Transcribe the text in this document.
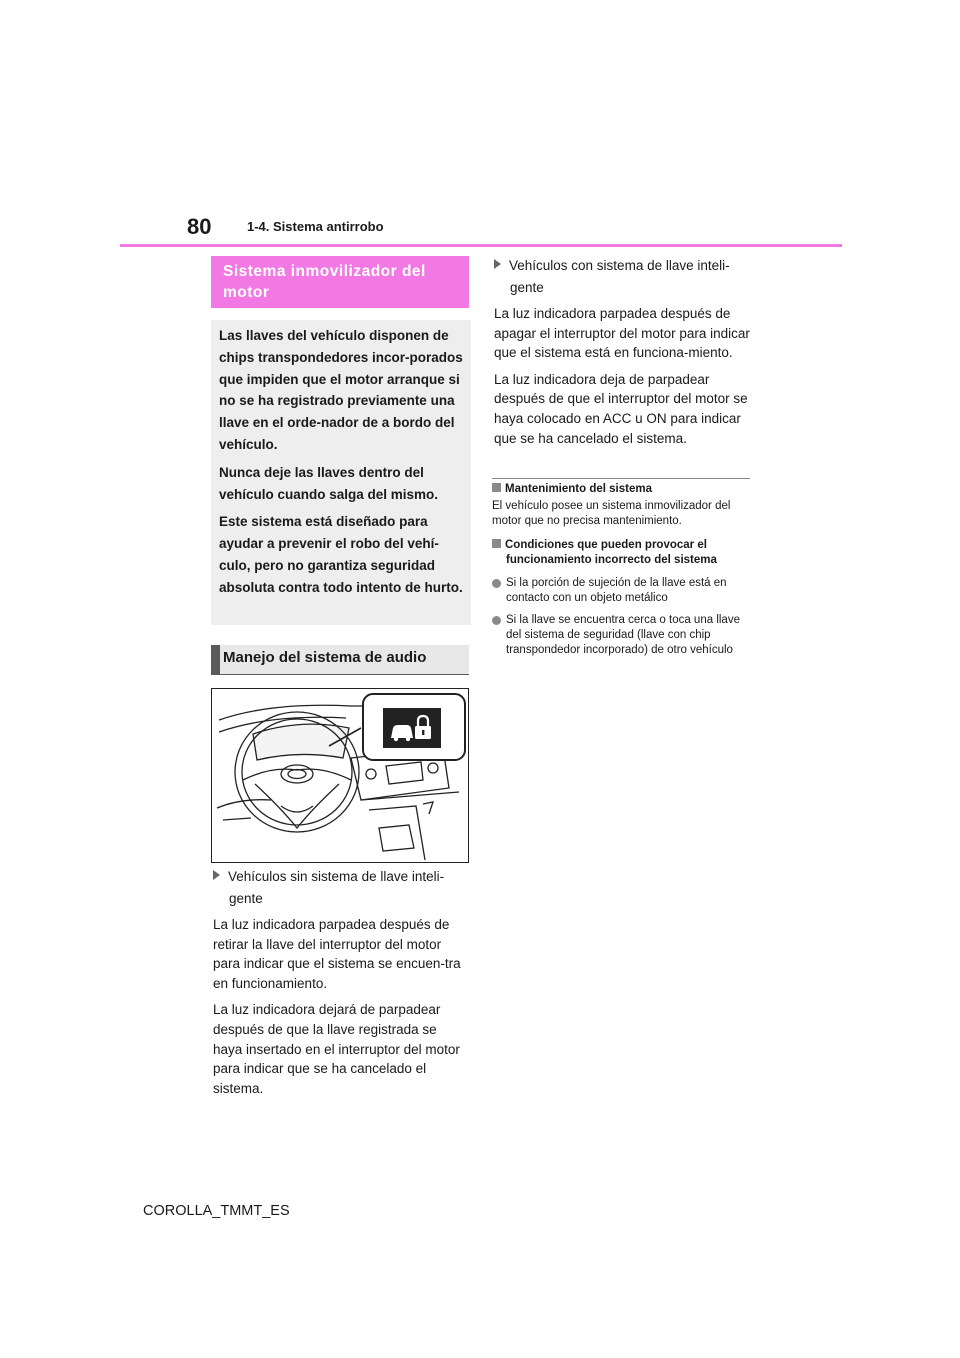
80	1-4. Sistema antirrobo
Sistema inmovilizador del motor

Las llaves del vehículo disponen de chips transpondedores incor-porados que impiden que el motor arranque si no se ha registrado previamente una llave en el orde-nador de a bordo del vehículo.

Nunca deje las llaves dentro del vehículo cuando salga del mismo.

Este sistema está diseñado para ayudar a prevenir el robo del vehí-culo, pero no garantiza seguridad absoluta contra todo intento de hurto.

Manejo del sistema de audio
Vehículos sin sistema de llave inteli-
gente

La luz indicadora parpadea después de retirar la llave del interruptor del motor para indicar que el sistema se encuen-tra en funcionamiento.

La luz indicadora dejará de parpadear después de que la llave registrada se haya insertado en el interruptor del motor para indicar que se ha cancelado el sistema.

Vehículos con sistema de llave inteli-
gente

La luz indicadora parpadea después de apagar el interruptor del motor para indicar que el sistema está en funciona-miento.

La luz indicadora deja de parpadear después de que el interruptor del motor se haya colocado en ACC u ON para indicar que se ha cancelado el sistema.

Mantenimiento del sistema

El vehículo posee un sistema inmovilizador del motor que no precisa mantenimiento.

Condiciones que pueden provocar el
funcionamiento incorrecto del sistema

Si la porción de sujeción de la llave está en contacto con un objeto metálico

Si la llave se encuentra cerca o toca una llave del sistema de seguridad (llave con chip transpondedor incorporado) de otro vehículo

COROLLA_TMMT_ES
